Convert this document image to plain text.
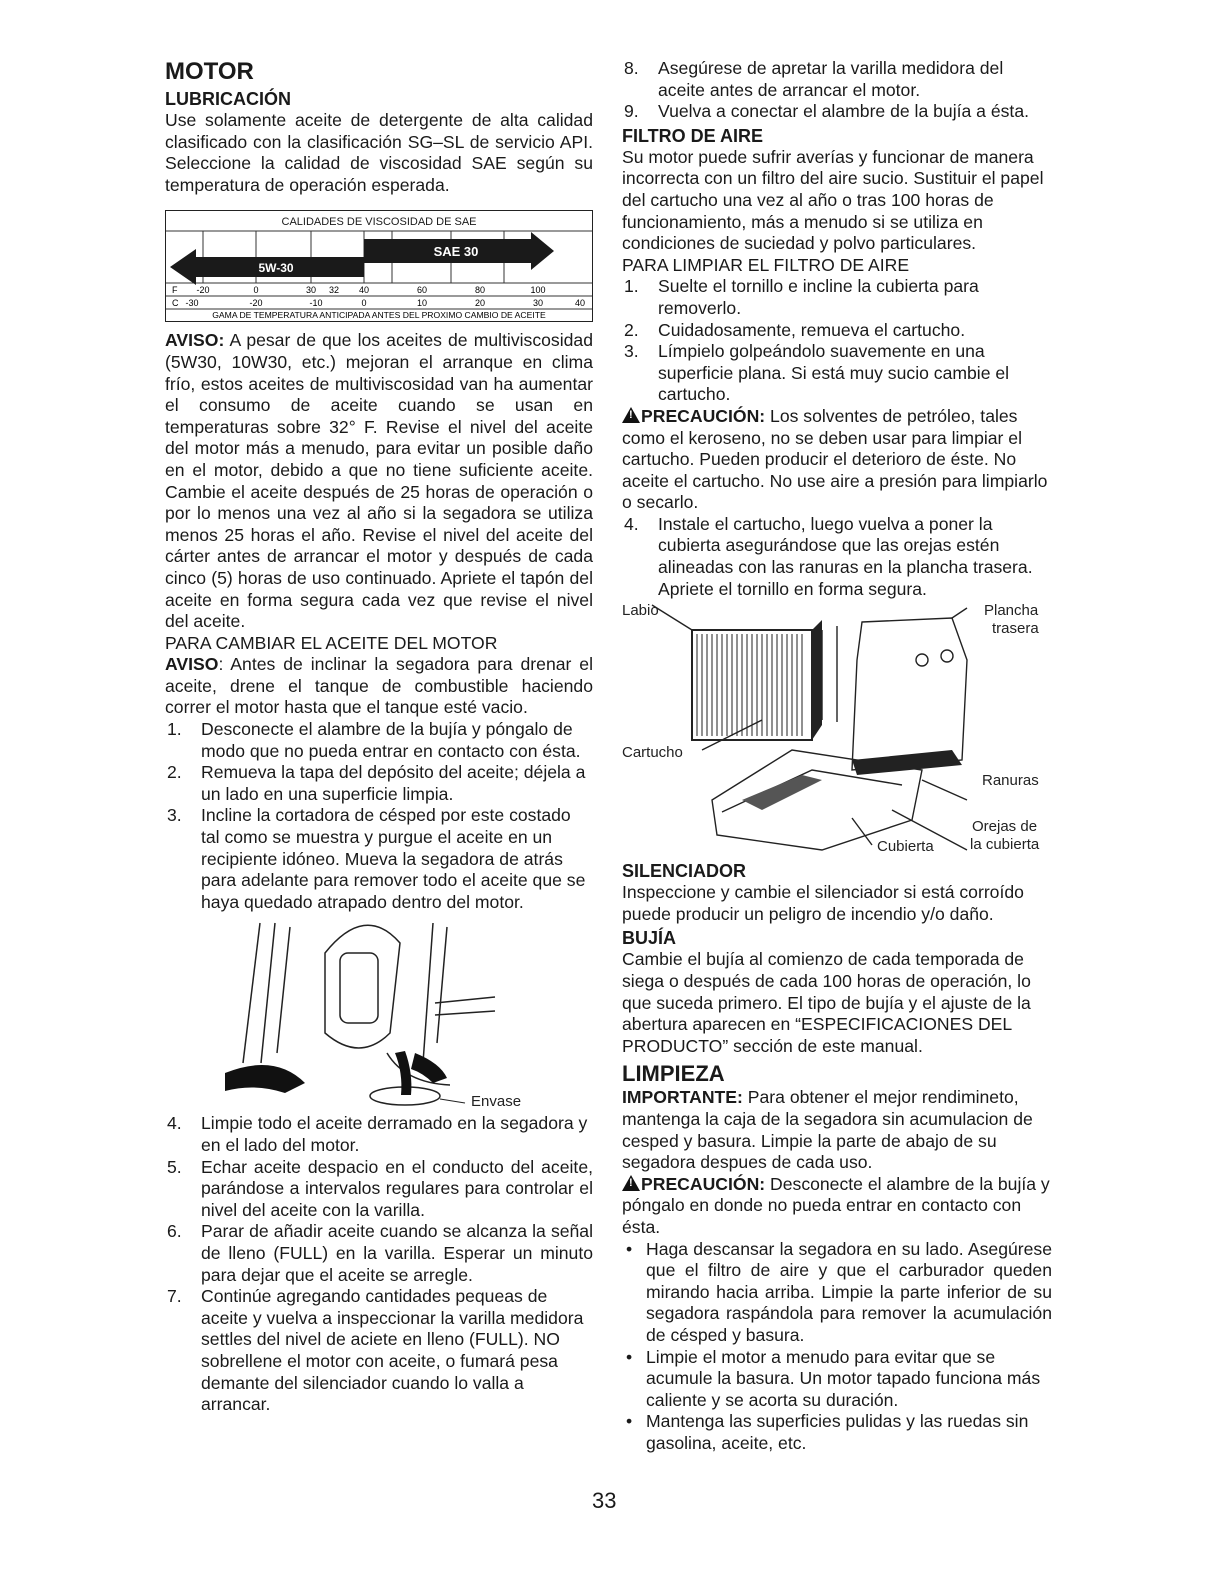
MOTOR
LUBRICACIÓN

Use solamente aceite de detergente de alta calidad clasificado con la clasificación SG–SL de servicio API. Seleccione la calidad de viscosidad SAE según su temperatura de operación esperada.

CALIDADES DE VISCOSIDAD DE SAE
SAE 30
5W-30
F -20	0	30 32 40	60	80	100
C -30	-20	-10	0	10	20	30	40
GAMA DE TEMPERATURA ANTICIPADA ANTES DEL PROXIMO CAMBIO DE ACEITE

AVISO: A pesar de que los aceites de multiviscosidad (5W30, 10W30, etc.) mejoran el arranque en clima frío, estos aceites de multiviscosidad van ha aumentar el consumo de aceite cuando se usan en temperaturas sobre 32° F. Revise el nivel del aceite del motor más a menudo, para evitar un posible daño en el motor, debido a que no tiene suficiente aceite. Cambie el aceite después de 25 horas de operación o por lo menos una vez al año si la segadora se utiliza menos 25 horas el año. Revise el nivel del aceite del cárter antes de arrancar el motor y después de cada cinco (5) horas de uso continuado. Apriete el tapón del aceite en forma segura cada vez que revise el nivel del aceite.

PARA CAMBIAR EL ACEITE DEL MOTOR

AVISO: Antes de inclinar la segadora para drenar el aceite, drene el tanque de combustible haciendo correr el motor hasta que el tanque esté vacio.

1. Desconecte el alambre de la bujía y póngalo de modo que no pueda entrar en contacto con ésta.
2. Remueva la tapa del depósito del aceite; déjela a un lado en una superficie limpia.
3. Incline la cortadora de césped por este costado tal como se muestra y purgue el aceite en un recipiente idóneo. Mueva la segadora de atrás para adelante para remover todo el aceite que se haya quedado atrapado dentro del motor.
Envase
4. Limpie todo el aceite derramado en la segadora y en el lado del motor.
5. Echar aceite despacio en el conducto del aceite, parándose a intervalos regulares para controlar el nivel del aceite con la varilla.
6. Parar de añadir aceite cuando se alcanza la señal de lleno (FULL) en la varilla. Esperar un minuto para dejar que el aceite se arregle.
7. Continúe agregando cantidades pequeas de aceite y vuelva a inspeccionar la varilla medidora settles del nivel de aciete en lleno (FULL). NO sobrellene el motor con aceite, o fumará pesa demante del silenciador cuando lo valla a arrancar.
8. Asegúrese de apretar la varilla medidora del aceite antes de arrancar el motor.
9. Vuelva a conectar el alambre de la bujía a ésta.
FILTRO DE AIRE

Su motor puede sufrir averías y funcionar de manera incorrecta con un filtro del aire sucio. Sustituir el papel del cartucho una vez al año o tras 100 horas de funcionamiento, más a menudo si se utiliza en condiciones de suciedad y polvo particulares.

PARA LIMPIAR EL FILTRO DE AIRE
1. Suelte el tornillo e incline la cubierta para removerlo.
2. Cuidadosamente, remueva el cartucho.
3. Límpielo golpeándolo suavemente en una superficie plana. Si está muy sucio cambie el cartucho.

!PRECAUCIÓN: Los solventes de petróleo, tales como el keroseno, no se deben usar para limpiar el cartucho. Pueden producir el deterioro de éste. No aceite el cartucho. No use aire a presión para limpiarlo o secarlo.

4. Instale el cartucho, luego vuelva a poner la cubierta asegurándose que las orejas estén alineadas con las ranuras en la plancha trasera. Apriete el tornillo en forma segura.
Labio	Plancha
trasera
Cartucho
Ranuras
Orejas de
la cubierta
Cubierta
SILENCIADOR

Inspeccione y cambie el silenciador si está corroído puede producir un peligro de incendio y/o daño.

BUJÍA

Cambie el bujía al comienzo de cada temporada de siega o después de cada 100 horas de operación, lo que suceda primero. El tipo de bujía y el ajuste de la abertura aparecen en “ESPECIFICACIONES DEL PRODUCTO” sección de este manual.

LIMPIEZA

IMPORTANTE: Para obtener el mejor rendimineto, mantenga la caja de la segadora sin acumulacion de cesped y basura. Limpie la parte de abajo de su segadora despues de cada uso.

!PRECAUCIÓN: Desconecte el alambre de la bujía y póngalo en donde no pueda entrar en contacto con ésta.

• Haga descansar la segadora en su lado. Asegúrese que el filtro de aire y que el carburador queden mirando hacia arriba. Limpie la parte inferior de su segadora raspándola para remover la acumulación de césped y basura.
• Limpie el motor a menudo para evitar que se acumule la basura. Un motor tapado funciona más caliente y se acorta su duración.
• Mantenga las superficies pulidas y las ruedas sin gasolina, aceite, etc.
33
